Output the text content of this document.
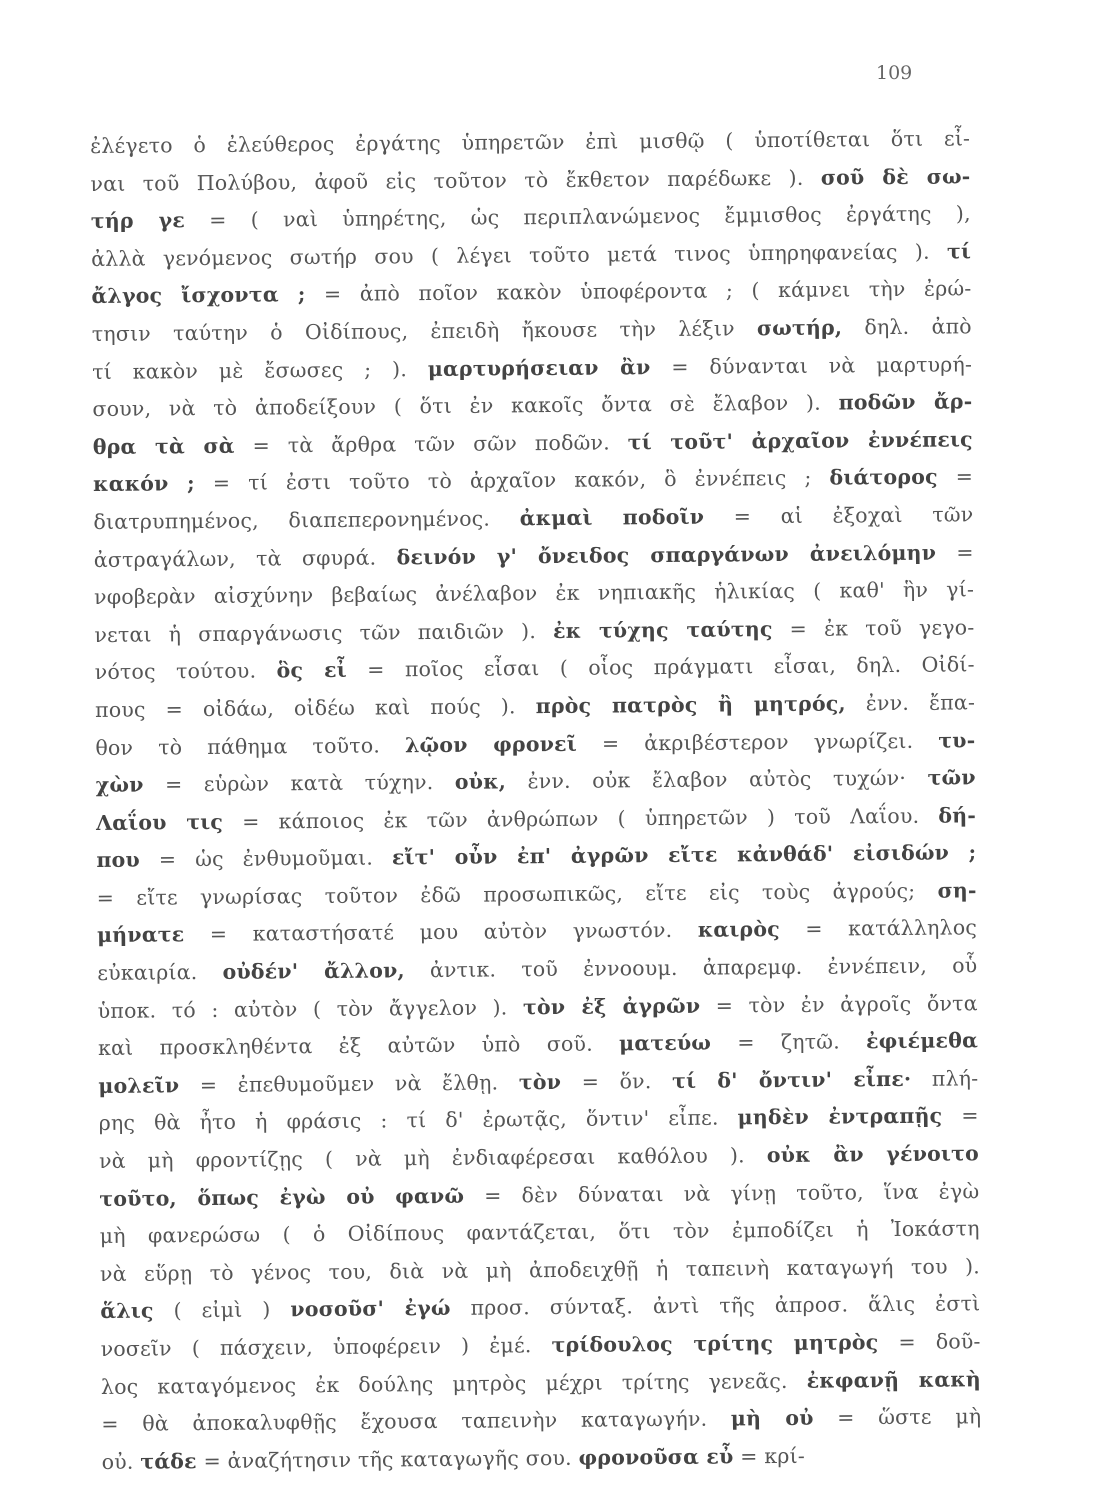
109
ἐλέγετο ὁ ἐλεύθερος ἐργάτης ὑπηρετῶν ἐπὶ μισθῷ ( ὑποτίθεται ὅτι εἶ-
ναι τοῦ Πολύβου, ἀφοῦ εἰς τοῦτον τὸ ἔκθετον παρέδωκε ). σοῦ δὲ σω-
τήρ γε = ( ναὶ ὑπηρέτης, ὡς περιπλανώμενος ἔμμισθος ἐργάτης ),
ἀλλὰ γενόμενος σωτήρ σου ( λέγει τοῦτο μετά τινος ὑπηρηφανείας ). τί
ἄλγος ἴσχοντα ; = ἀπὸ ποῖον κακὸν ὑποφέροντα ; ( κάμνει τὴν ἐρώ-
τησιν ταύτην ὁ Οἰδίπους, ἐπειδὴ ἤκουσε τὴν λέξιν σωτήρ, δηλ. ἀπὸ
τί κακὸν μὲ ἔσωσες ; ). μαρτυρήσειαν ἂν = δύνανται νὰ μαρτυρή-
σουν, νὰ τὸ ἀποδείξουν ( ὅτι ἐν κακοῖς ὄντα σὲ ἔλαβον ). ποδῶν ἄρ-
θρα τὰ σὰ = τὰ ἄρθρα τῶν σῶν ποδῶν. τί τοῦτ' ἀρχαῖον ἐννέπεις
κακόν ; = τί ἐστι τοῦτο τὸ ἀρχαῖον κακόν, ὃ ἐννέπεις ; διάτορος =
διατρυπημένος, διαπεπερονημένος. ἀκμαὶ ποδοῖν = αἱ ἐξοχαὶ τῶν
ἀστραγάλων, τὰ σφυρά. δεινόν γ' ὄνειδος σπαργάνων ἀνειλόμην =
νφοβερὰν αἰσχύνην βεβαίως ἀνέλαβον ἐκ νηπιακῆς ἡλικίας ( καθ' ἣν γί-
νεται ἡ σπαργάνωσις τῶν παιδιῶν ). ἐκ τύχης ταύτης = ἐκ τοῦ γεγο-
νότος τούτου. ὃς εἶ = ποῖος εἶσαι ( οἷος πράγματι εἶσαι, δηλ. Οἰδί-
πους = οἰδάω, οἰδέω καὶ πούς ). πρὸς πατρὸς ἢ μητρός, ἐνν. ἔπα-
θον τὸ πάθημα τοῦτο. λῷον φρονεῖ = ἀκριβέστερον γνωρίζει. τυ-
χὼν = εὑρὼν κατὰ τύχην. οὐκ, ἐνν. οὐκ ἔλαβον αὐτὸς τυχών· τῶν
Λαΐου τις = κάποιος ἐκ τῶν ἀνθρώπων ( ὑπηρετῶν ) τοῦ Λαΐου. δή-
που = ὡς ἐνθυμοῦμαι. εἴτ' οὖν ἐπ' ἀγρῶν εἴτε κἀνθάδ' εἰσιδών ;
= εἴτε γνωρίσας τοῦτον ἐδῶ προσωπικῶς, εἴτε εἰς τοὺς ἀγρούς; ση-
μήνατε = καταστήσατέ μου αὐτὸν γνωστόν. καιρὸς = κατάλληλος
εὐκαιρία. οὐδέν' ἄλλον, ἀντικ. τοῦ ἐννοουμ. ἀπαρεμφ. ἐννέπειν, οὗ
ὑποκ. τό : αὐτὸν ( τὸν ἄγγελον ). τὸν ἐξ ἀγρῶν = τὸν ἐν ἀγροῖς ὄντα
καὶ προσκληθέντα ἐξ αὐτῶν ὑπὸ σοῦ. ματεύω = ζητῶ. ἐφιέμεθα
μολεῖν = ἐπεθυμοῦμεν νὰ ἔλθῃ. τὸν = ὅν. τί δ' ὄντιν' εἶπε· πλή-
ρης θὰ ἦτο ἡ φράσις : τί δ' ἐρωτᾷς, ὅντιν' εἶπε. μηδὲν ἐντραπῇς =
νὰ μὴ φροντίζῃς ( νὰ μὴ ἐνδιαφέρεσαι καθόλου ). οὐκ ἂν γένοιτο
τοῦτο, ὅπως ἐγὼ οὐ φανῶ = δὲν δύναται νὰ γίνῃ τοῦτο, ἵνα ἐγὼ
μὴ φανερώσω ( ὁ Οἰδίπους φαντάζεται, ὅτι τὸν ἐμποδίζει ἡ Ἰοκάστη
νὰ εὕρῃ τὸ γένος του, διὰ νὰ μὴ ἀποδειχθῇ ἡ ταπεινὴ καταγωγή του ).
ἅλις ( εἰμὶ ) νοσοῦσ' ἐγώ προσ. σύνταξ. ἀντὶ τῆς ἀπροσ. ἅλις ἐστὶ
νοσεῖν ( πάσχειν, ὑποφέρειν ) ἐμέ. τρίδουλος τρίτης μητρὸς = δοῦ-
λος καταγόμενος ἐκ δούλης μητρὸς μέχρι τρίτης γενεᾶς. ἐκφανῇ κακὴ
= θὰ ἀποκαλυφθῇς ἔχουσα ταπεινὴν καταγωγήν. μὴ οὐ = ὥστε μὴ
οὐ. τάδε = ἀναζήτησιν τῆς καταγωγῆς σου. φρονοῦσα εὖ = κρί-
